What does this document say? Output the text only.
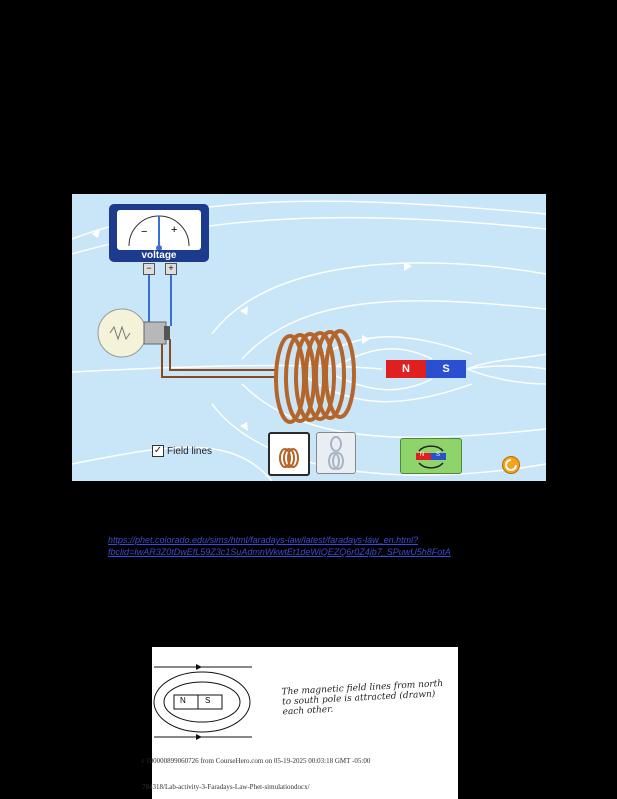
− +
voltage
−	+
N	S
✓ Field lines	N S
https://phet.colorado.edu/sims/html/faradays-law/latest/faradays-law_en.html?
fbclid=IwAR3Z0tDwEfL59Z3c1SuAdmnWkwtEt1deWiQEZQ6r0Z4jb7_SPuwU5h8FotA
N S
The magnetic field lines from north to south pole is attracted (drawn) each other.
r 100000899060726 from CourseHero.com on 05-19-2025 00:03:18 GMT -05:00
784318/Lab-activity-3-Faradays-Law-Phet-simulationdocx/
